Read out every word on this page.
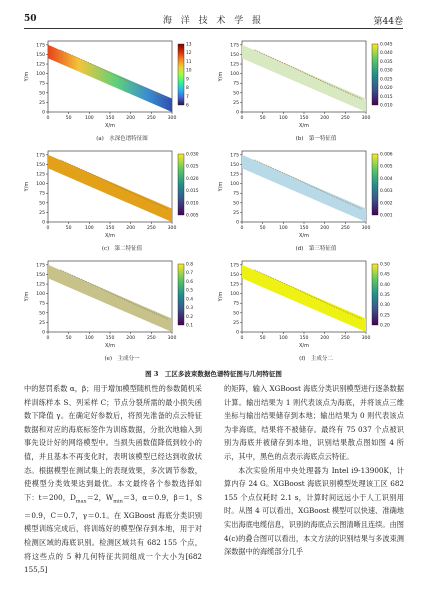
50	海 洋 技 术 学 报	第44卷
175
150
125
100
75
50
25
0
0	50	100	150	200	250	300
Y/m
X/m
13
12
11
10
9
8
7
6
(a)　水深色谱特征图
175
150
125
100
75
50
25
0
0	50	100	150	200	250	300
Y/m
X/m
0.045
0.040
0.035
0.030
0.025
0.020
0.015
0.010
(b)　第一特征值
175
150
125
100
75
50
25
0
0	50	100	150	200	250	300
Y/m
X/m
0.030
0.025
0.020
0.015
0.010
0.005
(c)　第二特征值
175
150
125
100
75
50
25
0
0	50	100	150	200	250	300
Y/m
X/m
0.006
0.005
0.004
0.003
0.002
0.001
(d)　第三特征值
175
150
125
100
75
50
25
0
0	50	100	150	200	250	300
Y/m
X/m
0.8
0.7
0.6
0.5
0.4
0.3
0.2
0.1
(e)　主成分一
175
150
125
100
75
50
25
0
0	50	100	150	200	250	300
Y/m
X/m
0.50
0.45
0.40
0.35
0.30
0.25
0.20
(f)　主成分二
图 3　工区多波束数据色谱特征图与几何特征图

中的惩罚系数 α，β；用于增加模型随机性的参数随机采样训练样本 S、列采样 C；节点分裂所需的最小损失函数下降值 γ。在确定好参数后，将预先准备的点云特征数据和对应的海底标签作为训练数据，分批次地输入到事先设计好的网络模型中。当损失函数值降低到较小的值，并且基本不再变化时，表明该模型已经达到收敛状态。根据模型在测试集上的表现效果，多次调节参数，使模型分类效果达到最优。本文最终各个参数选择如下：t＝200，$D_{max}=2$，$W_{min}=3$，α＝0.9，β＝1，S＝0.9，C＝0.7，γ＝0.1。在 XGBoost 海底分类识别模型训练完成后，将训练好的模型保存到本地，用于对检测区域的海底识别。检测区域共有 682 155 个点，将这些点的 5 种几何特征共同组成一个大小为[682 155,5]

的矩阵，输入 XGBoost 海底分类识别模型进行逐条数据计算。输出结果为 1 则代表该点为海底，并将该点三维坐标与输出结果储存到本地；输出结果为 0 则代表该点为非海底，结果将不被储存。最终有 75 037 个点被识别为海底并被储存到本地，识别结果散点图如图 4 所示，其中，黑色的点表示海底点云特征。

本次实验所用中央处理器为 Intel i9-13900K，计算内存 24 G。XGBoost 海底识别模型处理该工区 682 155 个点仅耗时 2.1 s，计算时间远远小于人工识别用时。从图 4 可以看出，XGBoost 模型可以快速、准确地实出海底电缆信息，识别的海底点云图清晰且连续。由图 4(c)的叠合图可以看出，本文方法的识别结果与多波束测深数据中的海缆部分几乎
